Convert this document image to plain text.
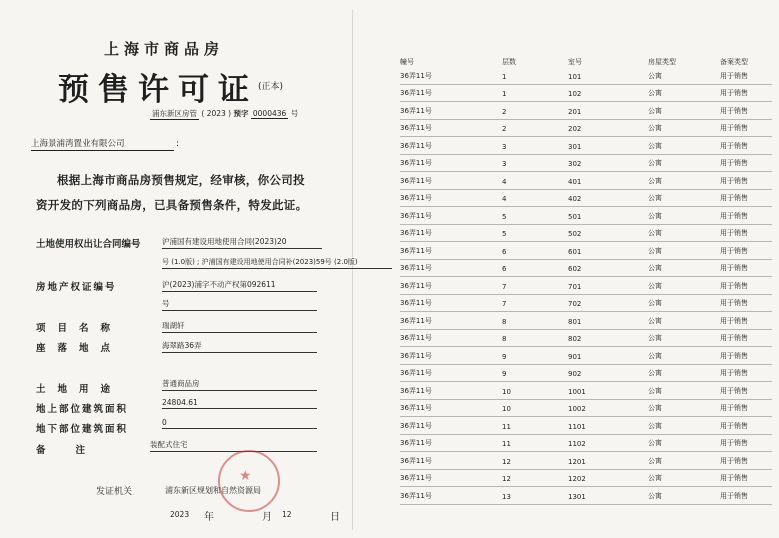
上海市商品房
预售许可证 (正本)
浦东新区房管 ( 2023 ) 预字 0000436 号
上海景浦湾置业有限公司	:
根据上海市商品房预售规定，经审核，你公司投
资开发的下列商品房，已具备预售条件，特发此证。
土地使用权出让合同编号	沪浦国有建设用地使用合同(2023)20
号 (1.0版) ; 沪浦国有建设用地使用合同补(2023)59号 (2.0版)
房地产权证编号	沪(2023)浦字不动产权第092611
号
项目名称	瑞湖轩
座落地点	海翠路36弄
土地用途
普通商品房
地上部位建筑面积
24804.61
地下部位建筑面积
0
备注
装配式住宅
★
发证机关	浦东新区规划和自然资源局
2023 年	月 12	日
幢号	层数	室号	房屋类型	备案类型
36弄11号	1	101	公寓	用于销售
36弄11号	1	102	公寓	用于销售
36弄11号	2	201	公寓	用于销售
36弄11号	2	202	公寓	用于销售
36弄11号	3	301	公寓	用于销售
36弄11号	3	302	公寓	用于销售
36弄11号	4	401	公寓	用于销售
36弄11号	4	402	公寓	用于销售
36弄11号	5	501	公寓	用于销售
36弄11号	5	502	公寓	用于销售
36弄11号	6	601	公寓	用于销售
36弄11号	6	602	公寓	用于销售
36弄11号	7	701	公寓	用于销售
36弄11号	7	702	公寓	用于销售
36弄11号	8	801	公寓	用于销售
36弄11号	8	802	公寓	用于销售
36弄11号	9	901	公寓	用于销售
36弄11号	9	902	公寓	用于销售
36弄11号	10	1001	公寓	用于销售
36弄11号	10	1002	公寓	用于销售
36弄11号	11	1101	公寓	用于销售
36弄11号	11	1102	公寓	用于销售
36弄11号	12	1201	公寓	用于销售
36弄11号	12	1202	公寓	用于销售
36弄11号	13	1301	公寓	用于销售
